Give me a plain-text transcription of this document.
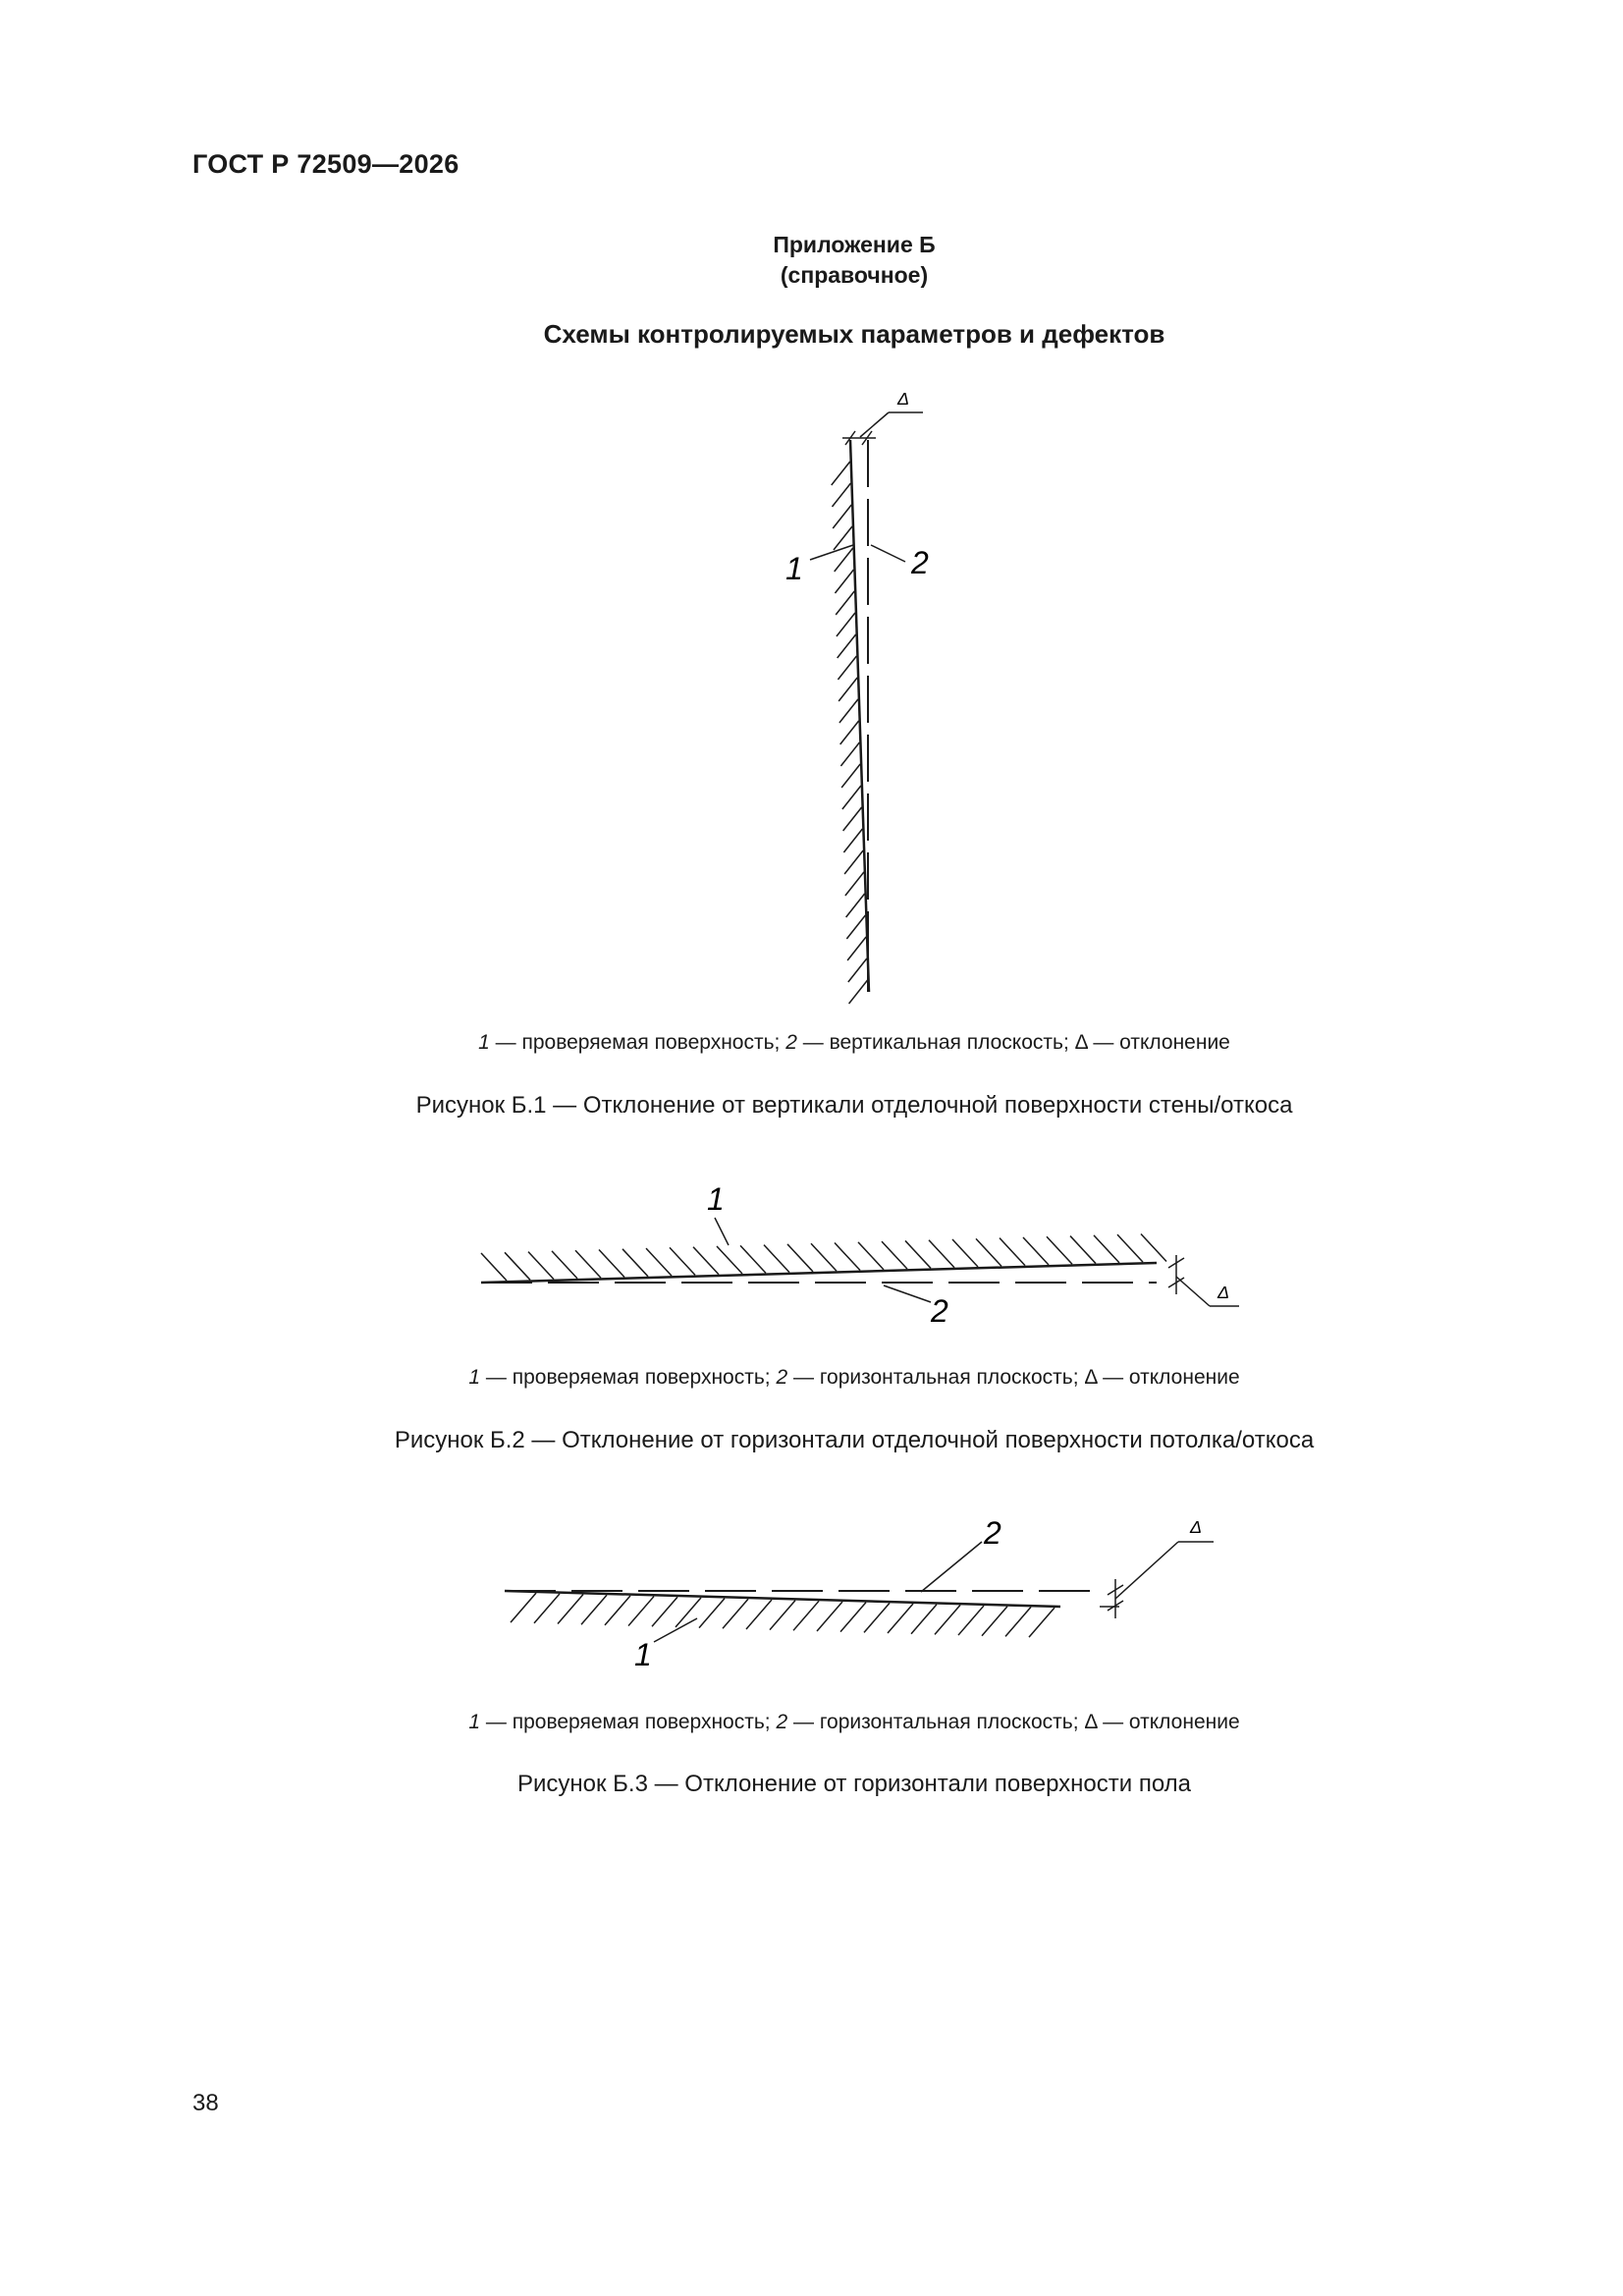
ГОСТ Р 72509—2026
Приложение Б
(справочное)
Схемы контролируемых параметров и дефектов
Δ
1	2
1 — проверяемая поверхность; 2 — вертикальная плоскость; Δ — отклонение
Рисунок Б.1 — Отклонение от вертикали отделочной поверхности стены/откоса
1
2
Δ
1 — проверяемая поверхность; 2 — горизонтальная плоскость; Δ — отклонение
Рисунок Б.2 — Отклонение от горизонтали отделочной поверхности потолка/откоса
2
1
Δ
1 — проверяемая поверхность; 2 — горизонтальная плоскость; Δ — отклонение
Рисунок Б.3 — Отклонение от горизонтали поверхности пола
38
